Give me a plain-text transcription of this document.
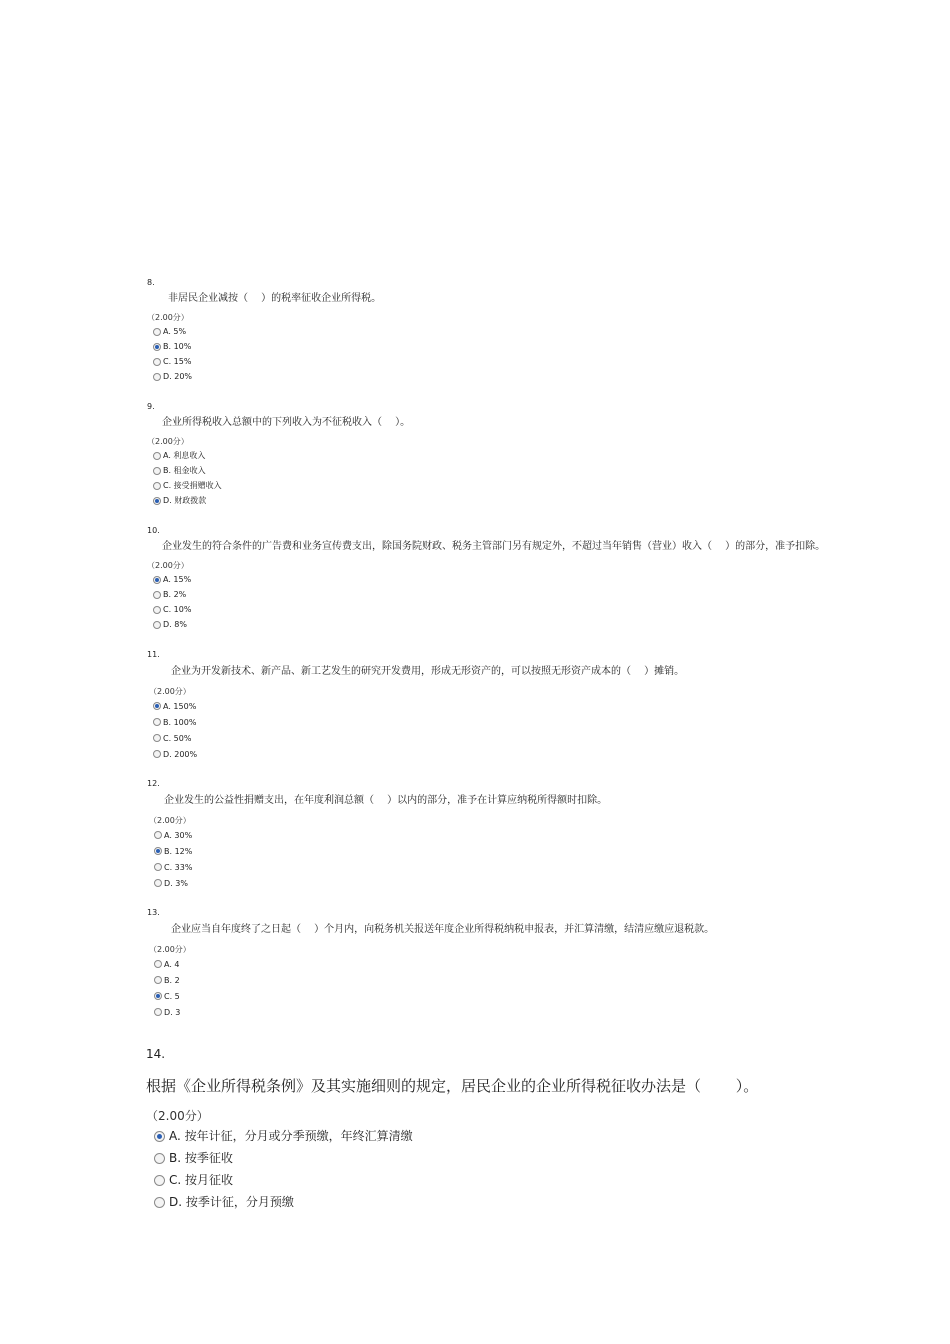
8.
非居民企业减按（　 ）的税率征收企业所得税。
（2.00分）
A. 5%
B. 10%
C. 15%
D. 20%
9.
企业所得税收入总额中的下列收入为不征税收入（　 ）。
（2.00分）
A. 利息收入
B. 租金收入
C. 接受捐赠收入
D. 财政拨款
10.
企业发生的符合条件的广告费和业务宣传费支出，除国务院财政、税务主管部门另有规定外，不超过当年销售（营业）收入（　 ）的部分，准予扣除。
（2.00分）
A. 15%
B. 2%
C. 10%
D. 8%
11.
企业为开发新技术、新产品、新工艺发生的研究开发费用，形成无形资产的，可以按照无形资产成本的（　 ）摊销。
（2.00分）
A. 150%
B. 100%
C. 50%
D. 200%
12.
企业发生的公益性捐赠支出，在年度利润总额（　 ）以内的部分，准予在计算应纳税所得额时扣除。
（2.00分）
A. 30%
B. 12%
C. 33%
D. 3%
13.
企业应当自年度终了之日起（　 ）个月内，向税务机关报送年度企业所得税纳税申报表，并汇算清缴，结清应缴应退税款。
（2.00分）
A. 4
B. 2
C. 5
D. 3
14.
根据《企业所得税条例》及其实施细则的规定，居民企业的企业所得税征收办法是（　　 ）。
（2.00分）
A. 按年计征，分月或分季预缴，年终汇算清缴
B. 按季征收
C. 按月征收
D. 按季计征，分月预缴
